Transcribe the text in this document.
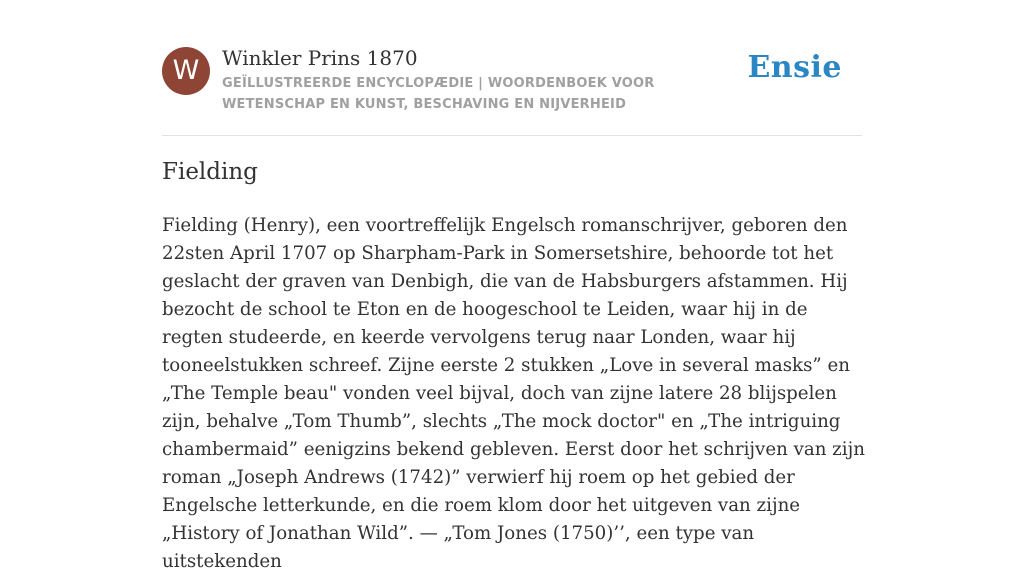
W	Winkler Prins 1870
GEÏLLUSTREERDE ENCYCLOPÆDIE | WOORDENBOEK VOOR WETENSCHAP EN KUNST, BESCHAVING EN NIJVERHEID
Ensie
Fielding

Fielding (Henry), een voortreffelijk Engelsch romanschrijver, geboren den 22sten April 1707 op Sharpham-Park in Somersetshire, behoorde tot het geslacht der graven van Denbigh, die van de Habsburgers afstammen. Hij bezocht de school te Eton en de hoogeschool te Leiden, waar hij in de regten studeerde, en keerde vervolgens terug naar Londen, waar hij tooneelstukken schreef. Zijne eerste 2 stukken „Love in several masks” en „The Temple beau" vonden veel bijval, doch van zijne latere 28 blijspelen zijn, behalve „Tom Thumb”, slechts „The mock doctor" en „The intriguing chambermaid” eenigzins bekend gebleven. Eerst door het schrijven van zijn roman „Joseph Andrews (1742)” verwierf hij roem op het gebied der Engelsche letterkunde, en die roem klom door het uitgeven van zijne „History of Jonathan Wild”. — „Tom Jones (1750)’’, een type van uitstekenden
